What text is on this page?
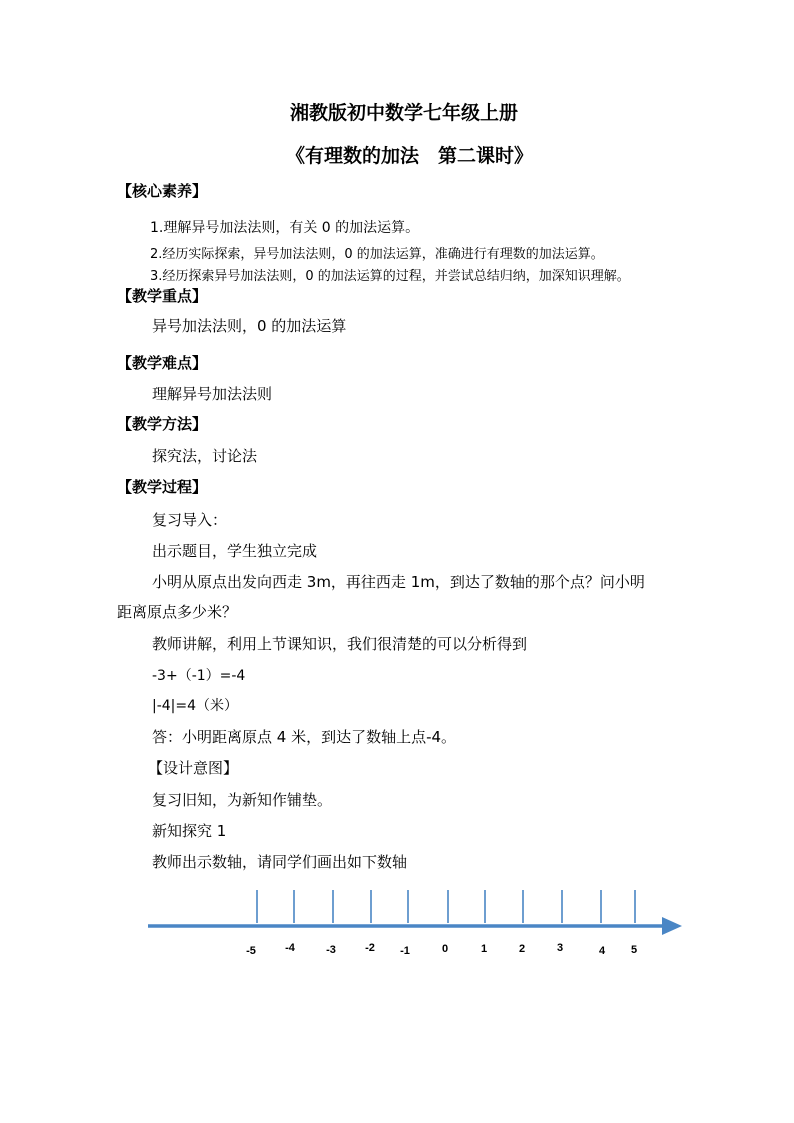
湘教版初中数学七年级上册
《有理数的加法　第二课时》
【核心素养】
1.理解异号加法法则，有关 0 的加法运算。
2.经历实际探索，异号加法法则，0 的加法运算，准确进行有理数的加法运算。
3.经历探索异号加法法则，0 的加法运算的过程，并尝试总结归纳，加深知识理解。
【教学重点】
异号加法法则，0 的加法运算
【教学难点】
理解异号加法法则
【教学方法】
探究法，讨论法
【教学过程】
复习导入：
出示题目，学生独立完成
小明从原点出发向西走 3m，再往西走 1m，到达了数轴的那个点？问小明
距离原点多少米？
教师讲解，利用上节课知识，我们很清楚的可以分析得到
-3+（-1）=-4
|-4|=4（米）
答：小明距离原点 4 米，到达了数轴上点-4。
【设计意图】
复习旧知，为新知作铺垫。
新知探究 1
教师出示数轴，请同学们画出如下数轴
-5	-4	-3	-2 -1	0	1	2	3	4 5
